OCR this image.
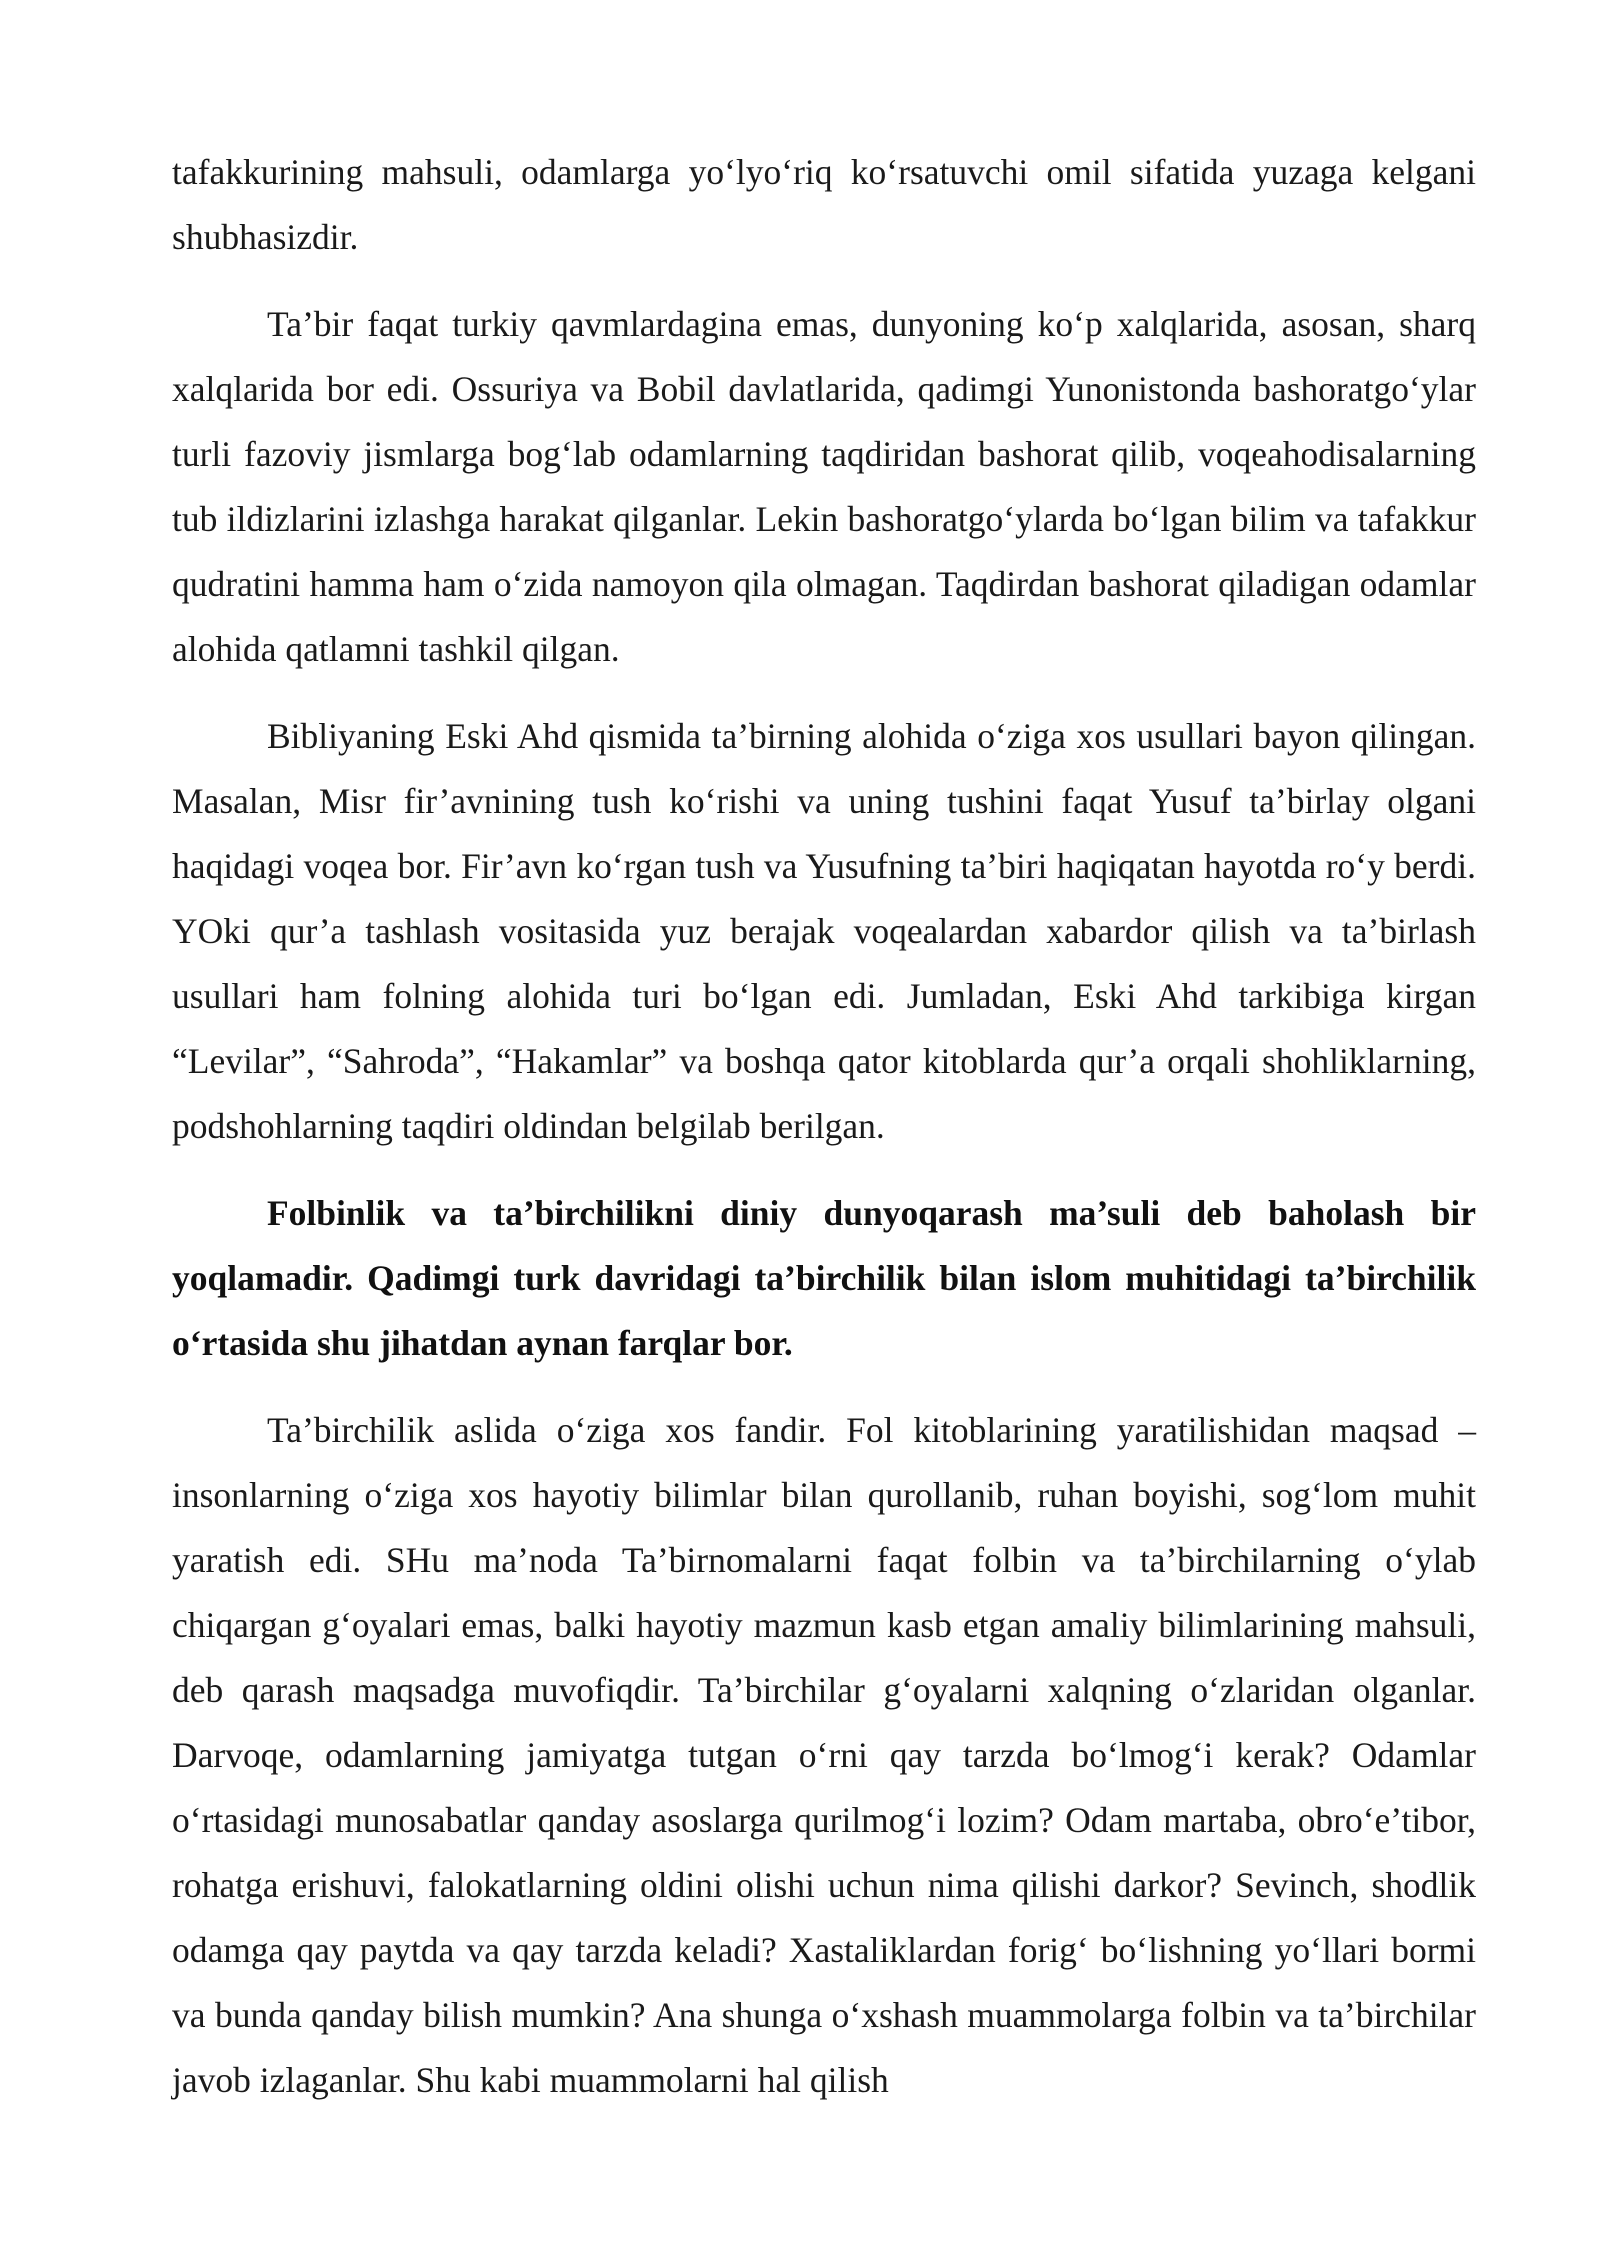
tafakkurining mahsuli, odamlarga yo‘lyo‘riq ko‘rsatuvchi omil sifatida yuzaga kelgani shubhasizdir.

Ta’bir faqat turkiy qavmlardagina emas, dunyoning ko‘p xalqlarida, asosan, sharq xalqlarida bor edi. Ossuriya va Bobil davlatlarida, qadimgi Yunonistonda bashoratgo‘ylar turli fazoviy jismlarga bog‘lab odamlarning taqdiridan bashorat qilib, voqeahodisalarning tub ildizlarini izlashga harakat qilganlar. Lekin bashoratgo‘ylarda bo‘lgan bilim va tafakkur qudratini hamma ham o‘zida namoyon qila olmagan. Taqdirdan bashorat qiladigan odamlar alohida qatlamni tashkil qilgan.

Bibliyaning Eski Ahd qismida ta’birning alohida o‘ziga xos usullari bayon qilingan. Masalan, Misr fir’avnining tush ko‘rishi va uning tushini faqat Yusuf ta’birlay olgani haqidagi voqea bor. Fir’avn ko‘rgan tush va Yusufning ta’biri haqiqatan hayotda ro‘y berdi. YOki qur’a tashlash vositasida yuz berajak voqealardan xabardor qilish va ta’birlash usullari ham folning alohida turi bo‘lgan edi. Jumladan, Eski Ahd tarkibiga kirgan “Levilar”, “Sahroda”, “Hakamlar” va boshqa qator kitoblarda qur’a orqali shohliklarning, podshohlarning taqdiri oldindan belgilab berilgan.

Folbinlik va ta’birchilikni diniy dunyoqarash ma’suli deb baholash bir yoqlamadir. Qadimgi turk davridagi ta’birchilik bilan islom muhitidagi ta’birchilik o‘rtasida shu jihatdan aynan farqlar bor.

Ta’birchilik aslida o‘ziga xos fandir. Fol kitoblarining yaratilishidan maqsad – insonlarning o‘ziga xos hayotiy bilimlar bilan qurollanib, ruhan boyishi, sog‘lom muhit yaratish edi. SHu ma’noda Ta’birnomalarni faqat folbin va ta’birchilarning o‘ylab chiqargan g‘oyalari emas, balki hayotiy mazmun kasb etgan amaliy bilimlarining mahsuli, deb qarash maqsadga muvofiqdir. Ta’birchilar g‘oyalarni xalqning o‘zlaridan olganlar. Darvoqe, odamlarning jamiyatga tutgan o‘rni qay tarzda bo‘lmog‘i kerak? Odamlar o‘rtasidagi munosabatlar qanday asoslarga qurilmog‘i lozim? Odam martaba, obro‘e’tibor, rohatga erishuvi, falokatlarning oldini olishi uchun nima qilishi darkor? Sevinch, shodlik odamga qay paytda va qay tarzda keladi? Xastaliklardan forig‘ bo‘lishning yo‘llari bormi va bunda qanday bilish mumkin? Ana shunga o‘xshash muammolarga folbin va ta’birchilar javob izlaganlar. Shu kabi muammolarni hal qilish
